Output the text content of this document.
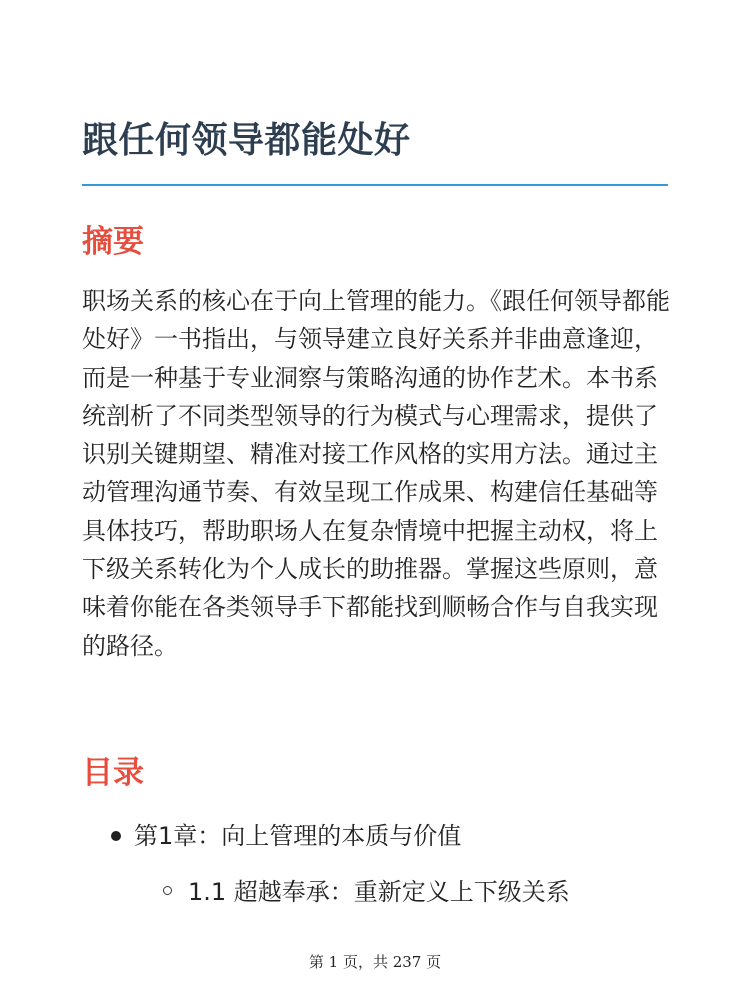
跟任何领导都能处好
摘要

职场关系的核心在于向上管理的能力。《跟任何领导都能处好》一书指出，与领导建立良好关系并非曲意逢迎，而是一种基于专业洞察与策略沟通的协作艺术。本书系统剖析了不同类型领导的行为模式与心理需求，提供了识别关键期望、精准对接工作风格的实用方法。通过主动管理沟通节奏、有效呈现工作成果、构建信任基础等具体技巧，帮助职场人在复杂情境中把握主动权，将上下级关系转化为个人成长的助推器。掌握这些原则，意味着你能在各类领导手下都能找到顺畅合作与自我实现的路径。

目录
第1章：向上管理的本质与价值
1.1 超越奉承：重新定义上下级关系
第 1 页，共 237 页
